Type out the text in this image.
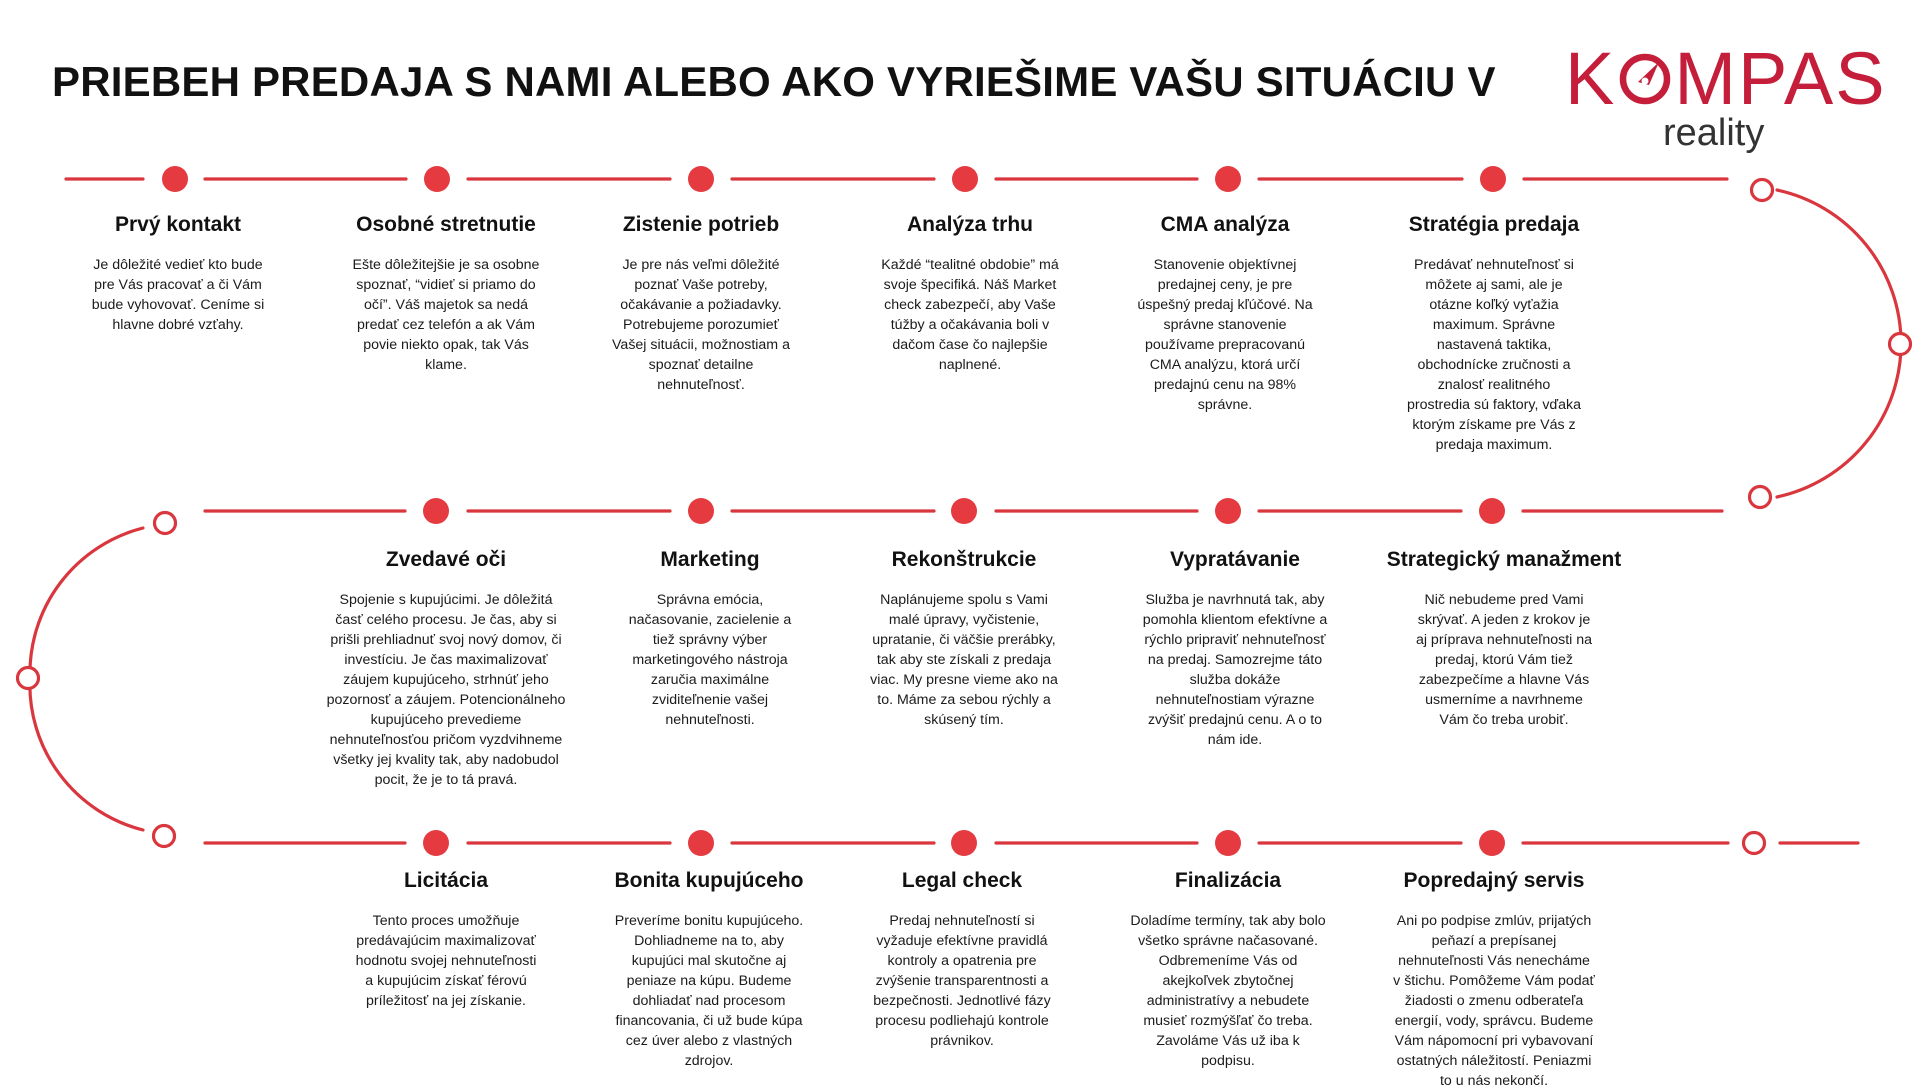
PRIEBEH PREDAJA S NAMI ALEBO AKO VYRIEŠIME VAŠU SITUÁCIU V K MPAS
reality
Prvý kontakt

Je dôležité vedieť kto bude pre Vás pracovať a či Vám bude vyhovovať. Ceníme si hlavne dobré vzťahy.

Osobné stretnutie

Ešte dôležitejšie je sa osobne spoznať, “vidieť si priamo do očí”. Váš majetok sa nedá predať cez telefón a ak Vám povie niekto opak, tak Vás klame.

Zistenie potrieb

Je pre nás veľmi dôležité poznať Vaše potreby, očakávanie a požiadavky. Potrebujeme porozumieť Vašej situácii, možnostiam a spoznať detailne nehnuteľnosť.

Analýza trhu

Každé “tealitné obdobie” má svoje špecifiká. Náš Market check zabezpečí, aby Vaše túžby a očakávania boli v dačom čase čo najlepšie naplnené.

CMA analýza

Stanovenie objektívnej predajnej ceny, je pre úspešný predaj kľúčové. Na správne stanovenie používame prepracovanú CMA analýzu, ktorá určí predajnú cenu na 98% správne.

Stratégia predaja

Predávať nehnuteľnosť si môžete aj sami, ale je otázne koľký vyťažia maximum. Správne nastavená taktika, obchodnícke zručnosti a znalosť realitného prostredia sú faktory, vďaka ktorým získame pre Vás z predaja maximum.

Zvedavé oči

Spojenie s kupujúcimi. Je dôležitá časť celého procesu. Je čas, aby si prišli prehliadnuť svoj nový domov, či investíciu. Je čas maximalizovať záujem kupujúceho, strhnúť jeho pozornosť a záujem. Potencionálneho kupujúceho prevedieme nehnuteľnosťou pričom vyzdvihneme všetky jej kvality tak, aby nadobudol pocit, že je to tá pravá.

Marketing

Správna emócia, načasovanie, zacielenie a tiež správny výber marketingového nástroja zaručia maximálne zviditeľnenie vašej nehnuteľnosti.

Rekonštrukcie

Naplánujeme spolu s Vami malé úpravy, vyčistenie, upratanie, či väčšie prerábky, tak aby ste získali z predaja viac. My presne vieme ako na to. Máme za sebou rýchly a skúsený tím.

Vypratávanie

Služba je navrhnutá tak, aby pomohla klientom efektívne a rýchlo pripraviť nehnuteľnosť na predaj. Samozrejme táto služba dokáže nehnuteľnostiam výrazne zvýšiť predajnú cenu. A o to nám ide.

Strategický manažment

Nič nebudeme pred Vami skrývať. A jeden z krokov je aj príprava nehnuteľnosti na predaj, ktorú Vám tiež zabezpečíme a hlavne Vás usmerníme a navrhneme Vám čo treba urobiť.

Licitácia

Tento proces umožňuje predávajúcim maximalizovať hodnotu svojej nehnuteľnosti a kupujúcim získať férovú príležitosť na jej získanie.

Bonita kupujúceho

Preveríme bonitu kupujúceho. Dohliadneme na to, aby kupujúci mal skutočne aj peniaze na kúpu. Budeme dohliadať nad procesom financovania, či už bude kúpa cez úver alebo z vlastných zdrojov.

Legal check

Predaj nehnuteľností si vyžaduje efektívne pravidlá kontroly a opatrenia pre zvýšenie transparentnosti a bezpečnosti. Jednotlivé fázy procesu podliehajú kontrole právnikov.

Finalizácia

Doladíme termíny, tak aby bolo všetko správne načasované. Odbremeníme Vás od akejkoľvek zbytočnej administratívy a nebudete musieť rozmýšľať čo treba. Zavoláme Vás už iba k podpisu.

Popredajný servis

Ani po podpise zmlúv, prijatých peňazí a prepísanej nehnuteľnosti Vás nenecháme v štichu. Pomôžeme Vám podať žiadosti o zmenu odberateľa energií, vody, správcu. Budeme Vám nápomocní pri vybavovaní ostatných náležitostí. Peniazmi to u nás nekončí.
